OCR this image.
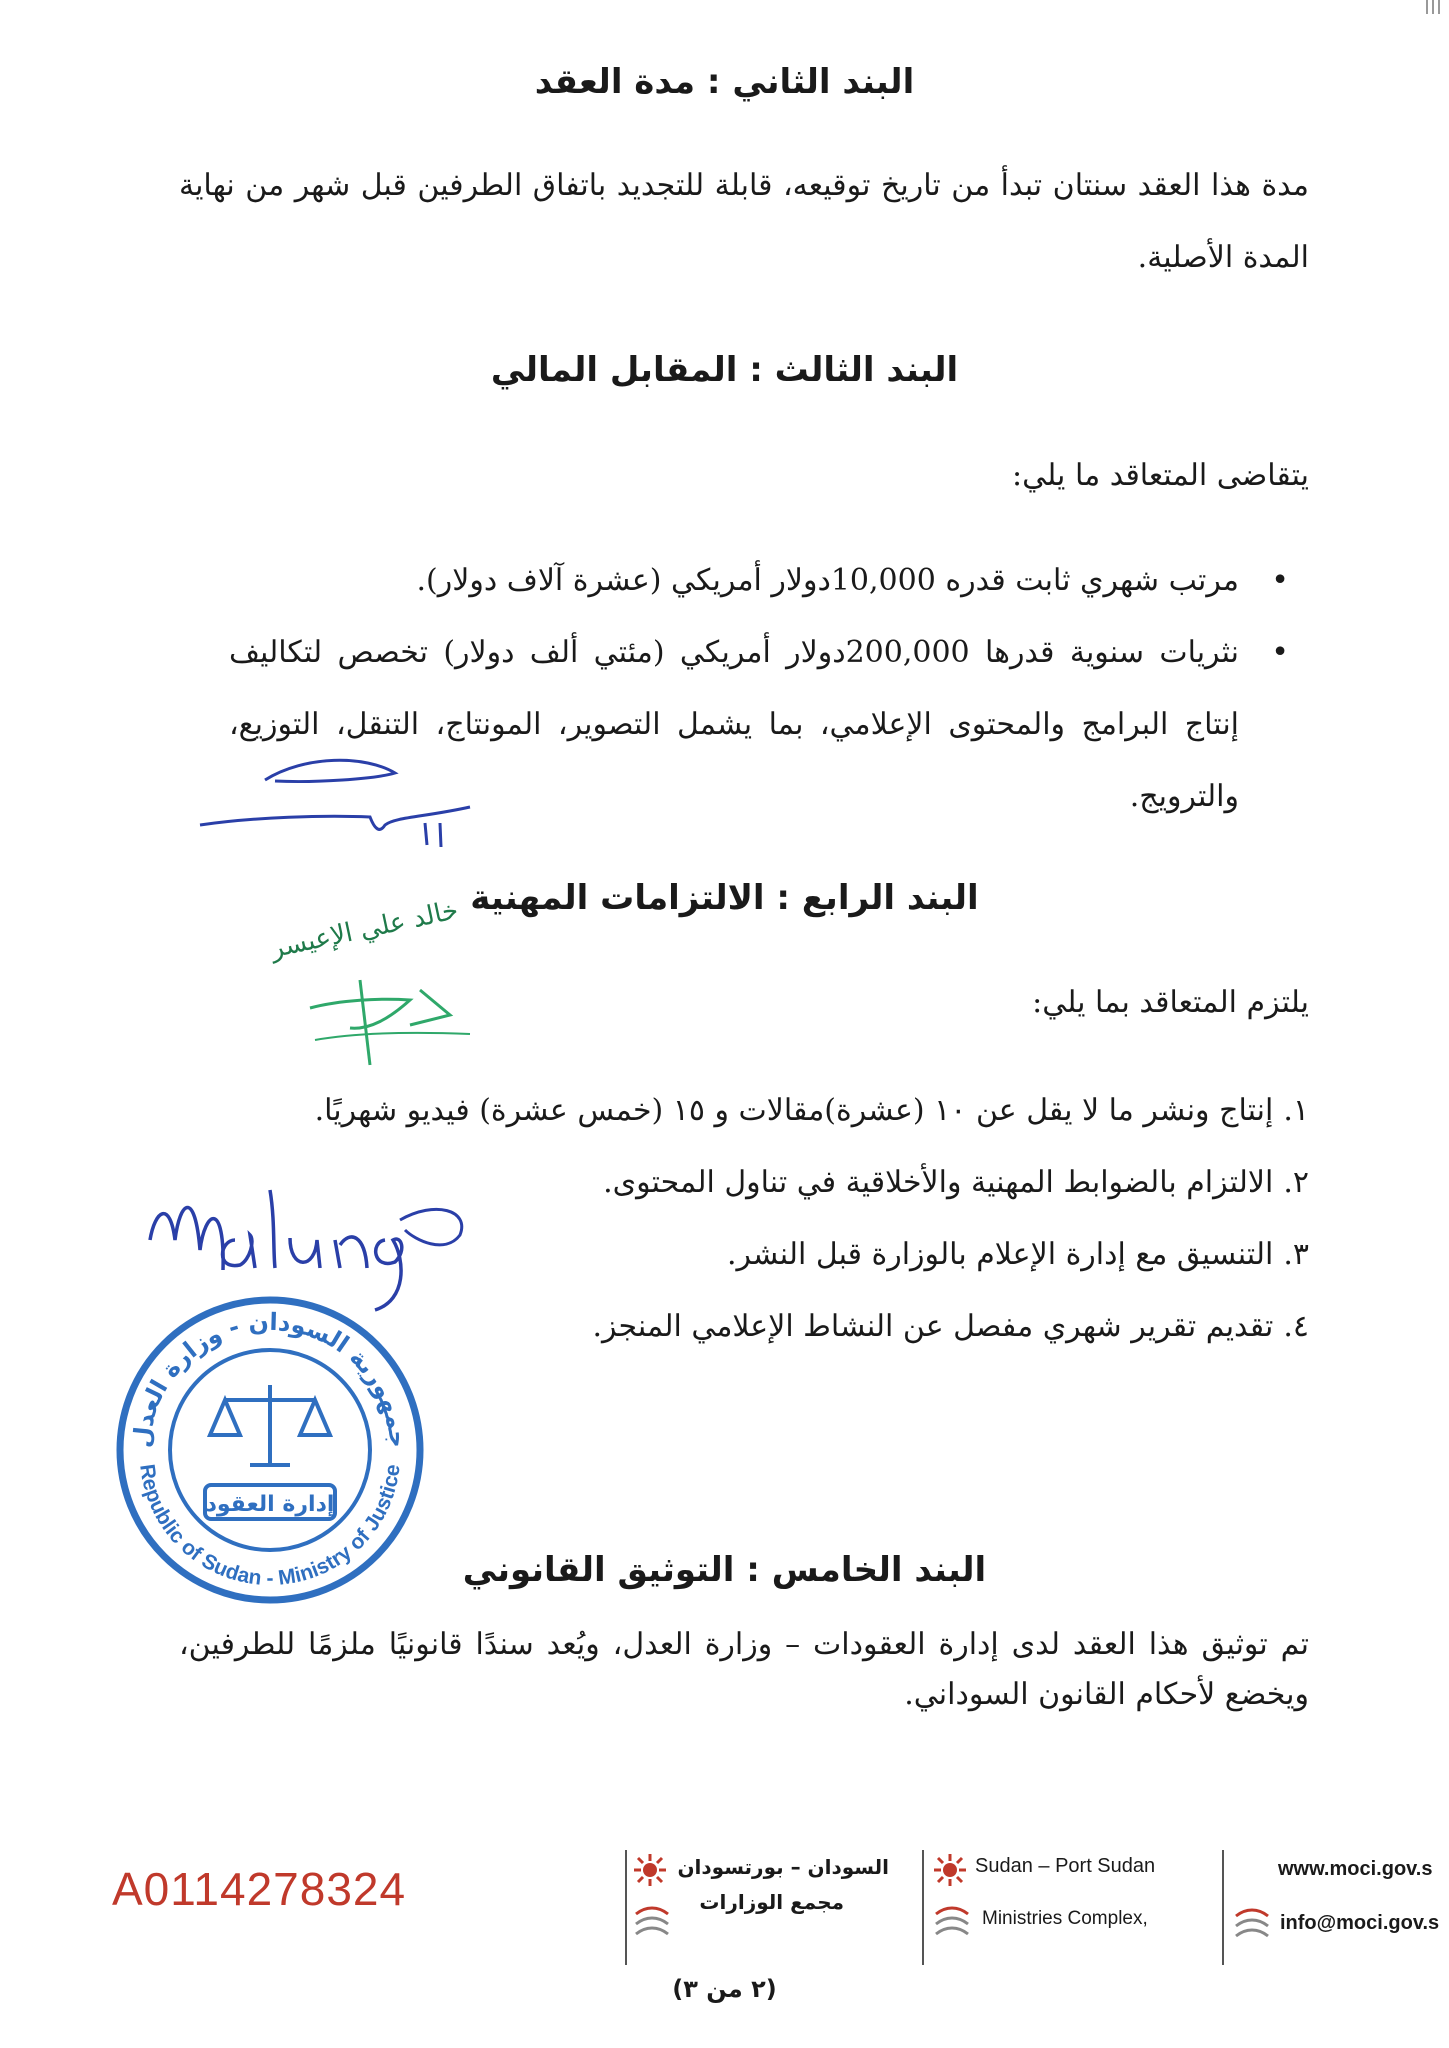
البند الثاني : مدة العقد

مدة هذا العقد سنتان تبدأ من تاريخ توقيعه، قابلة للتجديد باتفاق الطرفين قبل شهر من نهاية المدة الأصلية.

البند الثالث : المقابل المالي
يتقاضى المتعاقد ما يلي:
•
مرتب شهري ثابت قدره 10,000دولار أمريكي (عشرة آلاف دولار).
•
نثريات سنوية قدرها 200,000دولار أمريكي (مئتي ألف دولار) تخصص لتكاليف إنتاج البرامج والمحتوى الإعلامي، بما يشمل التصوير، المونتاج، التنقل، التوزيع، والترويج.
البند الرابع : الالتزامات المهنية
خالد علي الإعيسر
يلتزم المتعاقد بما يلي:
١.
إنتاج ونشر ما لا يقل عن ١٠ (عشرة)مقالات و ١٥ (خمس عشرة) فيديو شهريًا.
٢.
الالتزام بالضوابط المهنية والأخلاقية في تناول المحتوى.
٣.
التنسيق مع إدارة الإعلام بالوزارة قبل النشر.
٤.
تقديم تقرير شهري مفصل عن النشاط الإعلامي المنجز.
جمهورية السودان - وزارة العدل
Republic of Sudan - Ministry of Justice
إدارة العقود
البند الخامس : التوثيق القانوني

تم توثيق هذا العقد لدى إدارة العقودات – وزارة العدل، ويُعد سندًا قانونيًا ملزمًا للطرفين، ويخضع لأحكام القانون السوداني.

A0114278324	السودان – بورتسودان
مجمع الوزارات
Sudan – Port Sudan
Ministries Complex,
www.moci.gov.s
info@moci.gov.s
(٢ من ٣)
